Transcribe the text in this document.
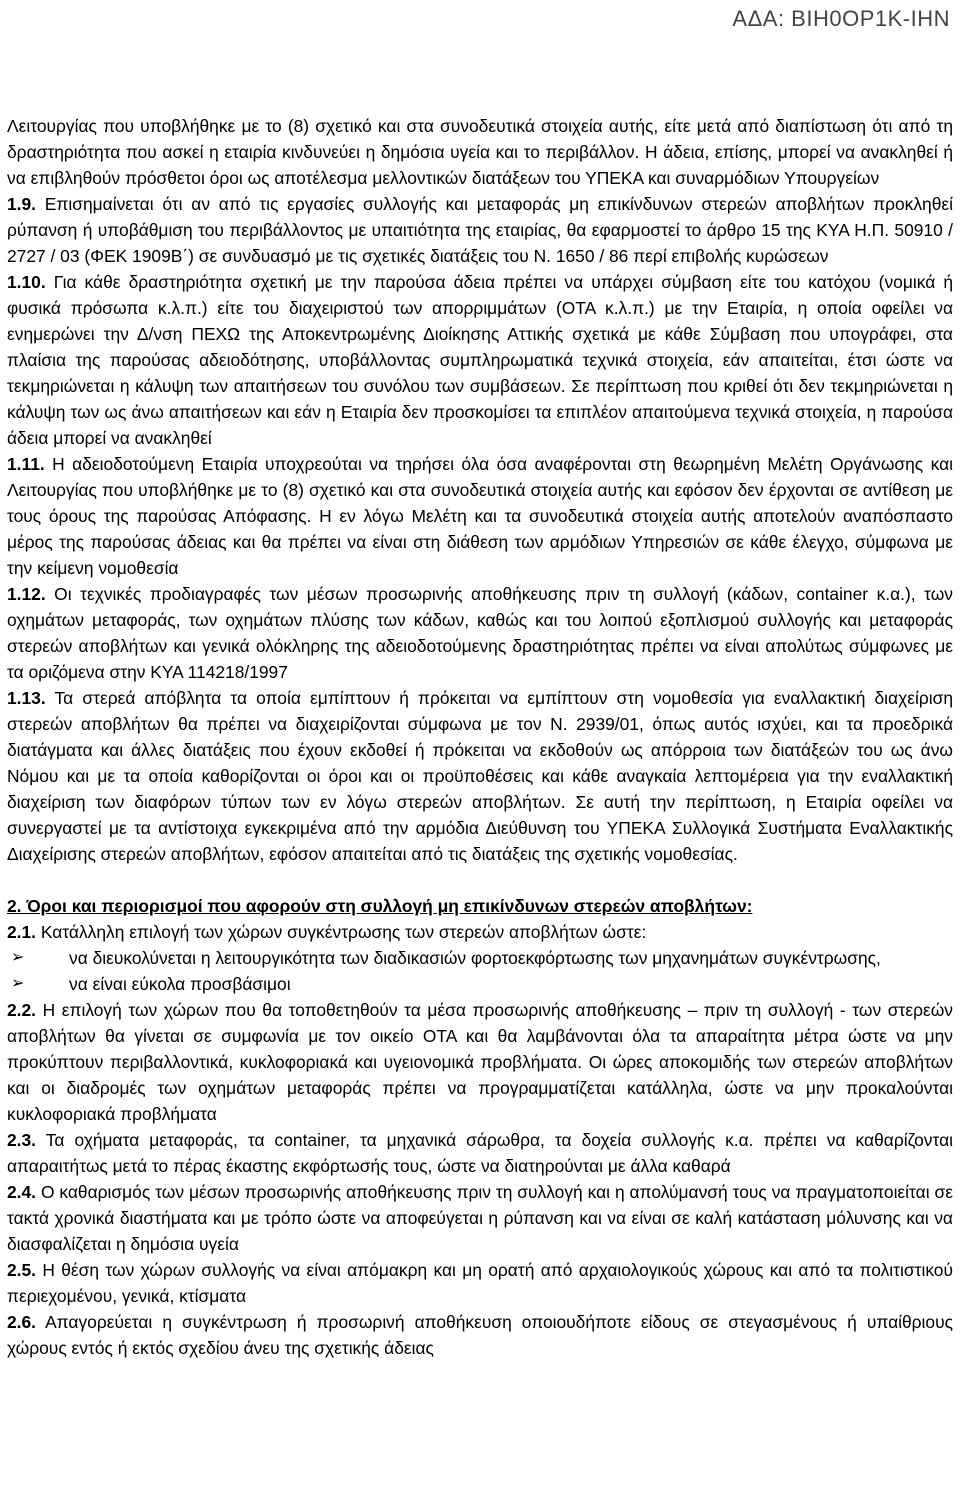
ΑΔΑ: ΒΙΗ0ΟΡ1Κ-ΙΗΝ

Λειτουργίας που υποβλήθηκε με το (8) σχετικό και στα συνοδευτικά στοιχεία αυτής, είτε μετά από διαπίστωση ότι από τη δραστηριότητα που ασκεί η εταιρία κινδυνεύει η δημόσια υγεία και το περιβάλλον. Η άδεια, επίσης, μπορεί να ανακληθεί ή να επιβληθούν πρόσθετοι όροι ως αποτέλεσμα μελλοντικών διατάξεων του ΥΠΕΚΑ και συναρμόδιων Υπουργείων

1.9. Επισημαίνεται ότι αν από τις εργασίες συλλογής και μεταφοράς μη επικίνδυνων στερεών αποβλήτων προκληθεί ρύπανση ή υποβάθμιση του περιβάλλοντος με υπαιτιότητα της εταιρίας, θα εφαρμοστεί το άρθρο 15 της ΚΥΑ Η.Π. 50910 / 2727 / 03 (ΦΕΚ 1909Β΄) σε συνδυασμό με τις σχετικές διατάξεις του Ν. 1650 / 86 περί επιβολής κυρώσεων

1.10. Για κάθε δραστηριότητα σχετική με την παρούσα άδεια πρέπει να υπάρχει σύμβαση είτε του κατόχου (νομικά ή φυσικά πρόσωπα κ.λ.π.) είτε του διαχειριστού των απορριμμάτων (ΟΤΑ κ.λ.π.) με την Εταιρία, η οποία οφείλει να ενημερώνει την Δ/νση ΠΕΧΩ της Αποκεντρωμένης Διοίκησης Αττικής σχετικά με κάθε Σύμβαση που υπογράφει, στα πλαίσια της παρούσας αδειοδότησης, υποβάλλοντας συμπληρωματικά τεχνικά στοιχεία, εάν απαιτείται, έτσι ώστε να τεκμηριώνεται η κάλυψη των απαιτήσεων του συνόλου των συμβάσεων. Σε περίπτωση που κριθεί ότι δεν τεκμηριώνεται η κάλυψη των ως άνω απαιτήσεων και εάν η Εταιρία δεν προσκομίσει τα επιπλέον απαιτούμενα τεχνικά στοιχεία, η παρούσα άδεια μπορεί να ανακληθεί

1.11. Η αδειοδοτούμενη Εταιρία υποχρεούται να τηρήσει όλα όσα αναφέρονται στη θεωρημένη Μελέτη Οργάνωσης και Λειτουργίας που υποβλήθηκε με το (8) σχετικό και στα συνοδευτικά στοιχεία αυτής και εφόσον δεν έρχονται σε αντίθεση με τους όρους της παρούσας Απόφασης. Η εν λόγω Μελέτη και τα συνοδευτικά στοιχεία αυτής αποτελούν αναπόσπαστο μέρος της παρούσας άδειας και θα πρέπει να είναι στη διάθεση των αρμόδιων Υπηρεσιών σε κάθε έλεγχο, σύμφωνα με την κείμενη νομοθεσία

1.12. Οι τεχνικές προδιαγραφές των μέσων προσωρινής αποθήκευσης πριν τη συλλογή (κάδων, container κ.α.), των οχημάτων μεταφοράς, των οχημάτων πλύσης των κάδων, καθώς και του λοιπού εξοπλισμού συλλογής και μεταφοράς στερεών αποβλήτων και γενικά ολόκληρης της αδειοδοτούμενης δραστηριότητας πρέπει να είναι απολύτως σύμφωνες με τα οριζόμενα στην ΚΥΑ 114218/1997

1.13. Τα στερεά απόβλητα τα οποία εμπίπτουν ή πρόκειται να εμπίπτουν στη νομοθεσία για εναλλακτική διαχείριση στερεών αποβλήτων θα πρέπει να διαχειρίζονται σύμφωνα με τον Ν. 2939/01, όπως αυτός ισχύει, και τα προεδρικά διατάγματα και άλλες διατάξεις που έχουν εκδοθεί ή πρόκειται να εκδοθούν ως απόρροια των διατάξεών του ως άνω Νόμου και με τα οποία καθορίζονται οι όροι και οι προϋποθέσεις και κάθε αναγκαία λεπτομέρεια για την εναλλακτική διαχείριση των διαφόρων τύπων των εν λόγω στερεών αποβλήτων. Σε αυτή την περίπτωση, η Εταιρία οφείλει να συνεργαστεί με τα αντίστοιχα εγκεκριμένα από την αρμόδια Διεύθυνση του ΥΠΕΚΑ Συλλογικά Συστήματα Εναλλακτικής Διαχείρισης στερεών αποβλήτων, εφόσον απαιτείται από τις διατάξεις της σχετικής νομοθεσίας.

2. Όροι και περιορισμοί που αφορούν στη συλλογή μη επικίνδυνων στερεών αποβλήτων:

2.1. Κατάλληλη επιλογή των χώρων συγκέντρωσης των στερεών αποβλήτων ώστε:

➢	να διευκολύνεται η λειτουργικότητα των διαδικασιών φορτοεκφόρτωσης των μηχανημάτων συγκέντρωσης,
➢	να είναι εύκολα προσβάσιμοι

2.2. Η επιλογή των χώρων που θα τοποθετηθούν τα μέσα προσωρινής αποθήκευσης – πριν τη συλλογή - των στερεών αποβλήτων θα γίνεται σε συμφωνία με τον οικείο ΟΤΑ και θα λαμβάνονται όλα τα απαραίτητα μέτρα ώστε να μην προκύπτουν περιβαλλοντικά, κυκλοφοριακά και υγειονομικά προβλήματα. Οι ώρες αποκομιδής των στερεών αποβλήτων και οι διαδρομές των οχημάτων μεταφοράς πρέπει να προγραμματίζεται κατάλληλα, ώστε να μην προκαλούνται κυκλοφοριακά προβλήματα

2.3. Τα οχήματα μεταφοράς, τα container, τα μηχανικά σάρωθρα, τα δοχεία συλλογής κ.α. πρέπει να καθαρίζονται απαραιτήτως μετά το πέρας έκαστης εκφόρτωσής τους, ώστε να διατηρούνται με άλλα καθαρά

2.4. Ο καθαρισμός των μέσων προσωρινής αποθήκευσης πριν τη συλλογή και η απολύμανσή τους να πραγματοποιείται σε τακτά χρονικά διαστήματα και με τρόπο ώστε να αποφεύγεται η ρύπανση και να είναι σε καλή κατάσταση μόλυνσης και να διασφαλίζεται η δημόσια υγεία

2.5. Η θέση των χώρων συλλογής να είναι απόμακρη και μη ορατή από αρχαιολογικούς χώρους και από τα πολιτιστικού περιεχομένου, γενικά, κτίσματα

2.6. Απαγορεύεται η συγκέντρωση ή προσωρινή αποθήκευση οποιουδήποτε είδους σε στεγασμένους ή υπαίθριους χώρους εντός ή εκτός σχεδίου άνευ της σχετικής άδειας
